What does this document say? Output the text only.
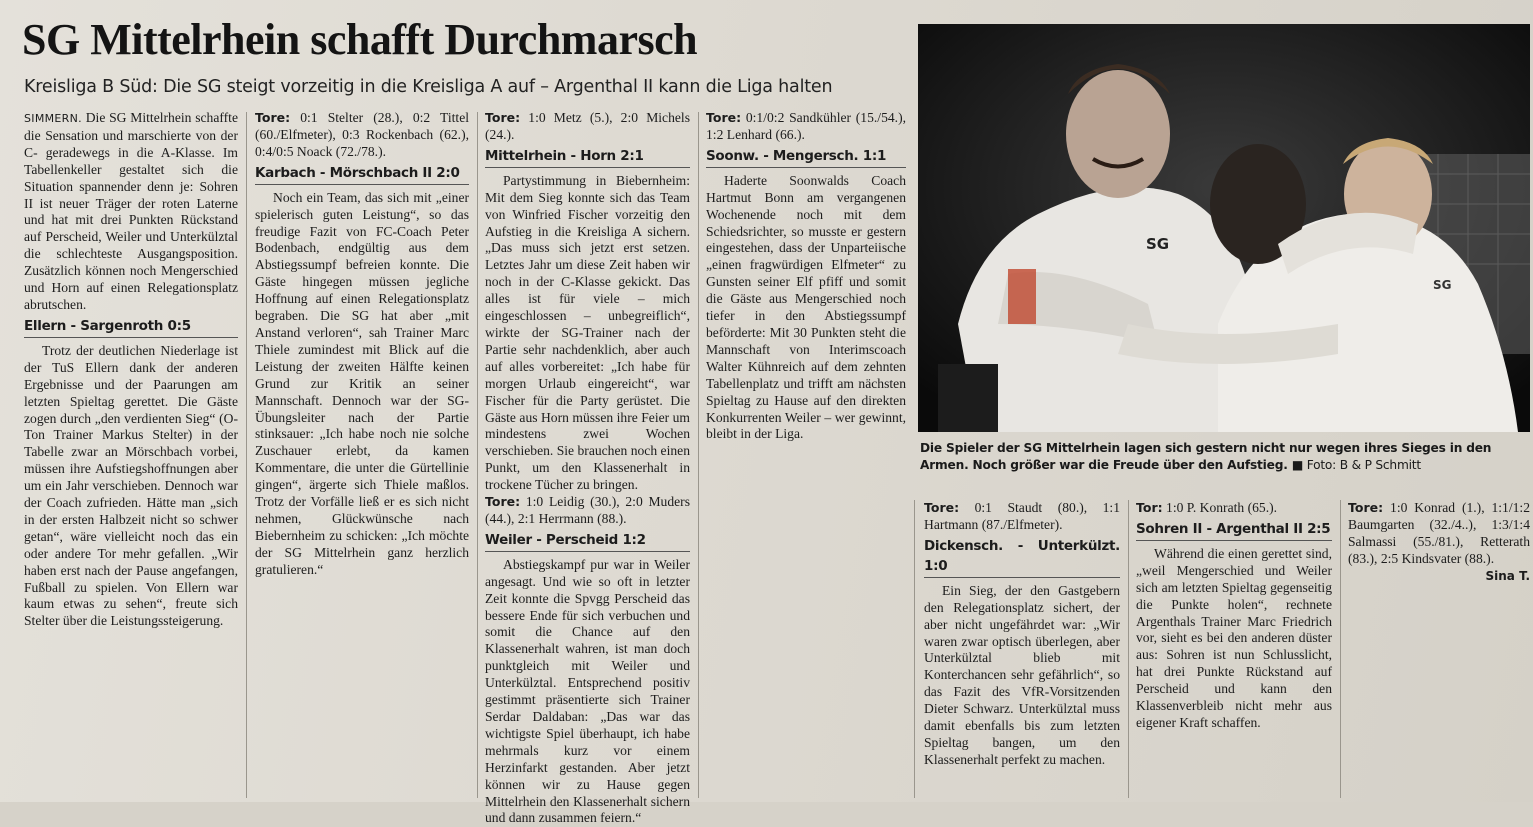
SG Mittelrhein schafft Durchmarsch
Kreisliga B Süd: Die SG steigt vorzeitig in die Kreisliga A auf – Argenthal II kann die Liga halten

SIMMERN. Die SG Mittelrhein schaffte die Sensation und marschierte von der C- geradewegs in die A-Klasse. Im Tabellenkeller gestaltet sich die Situation spannender denn je: Sohren II ist neuer Träger der roten Laterne und hat mit drei Punkten Rückstand auf Perscheid, Weiler und Unterkülztal die schlechteste Ausgangsposition. Zusätzlich können noch Mengerschied und Horn auf einen Relegationsplatz abrutschen.

Ellern - Sargenroth 0:5

Trotz der deutlichen Niederlage ist der TuS Ellern dank der anderen Ergebnisse und der Paarungen am letzten Spieltag gerettet. Die Gäste zogen durch „den verdienten Sieg“ (O-Ton Trainer Markus Stelter) in der Tabelle zwar an Mörschbach vorbei, müssen ihre Aufstiegshoffnungen aber um ein Jahr verschieben. Dennoch war der Coach zufrieden. Hätte man „sich in der ersten Halbzeit nicht so schwer getan“, wäre vielleicht noch das ein oder andere Tor mehr gefallen. „Wir haben erst nach der Pause angefangen, Fußball zu spielen. Von Ellern war kaum etwas zu sehen“, freute sich Stelter über die Leistungssteigerung.

Tore: 0:1 Stelter (28.), 0:2 Tittel (60./Elfmeter), 0:3 Rockenbach (62.), 0:4/0:5 Noack (72./78.).

Karbach - Mörschbach II 2:0

Noch ein Team, das sich mit „einer spielerisch guten Leistung“, so das freudige Fazit von FC-Coach Peter Bodenbach, endgültig aus dem Abstiegssumpf befreien konnte. Die Gäste hingegen müssen jegliche Hoffnung auf einen Relegationsplatz begraben. Die SG hat aber „mit Anstand verloren“, sah Trainer Marc Thiele zumindest mit Blick auf die Leistung der zweiten Hälfte keinen Grund zur Kritik an seiner Mannschaft. Dennoch war der SG-Übungsleiter nach der Partie stinksauer: „Ich habe noch nie solche Zuschauer erlebt, da kamen Kommentare, die unter die Gürtellinie gingen“, ärgerte sich Thiele maßlos. Trotz der Vorfälle ließ er es sich nicht nehmen, Glückwünsche nach Biebernheim zu schicken: „Ich möchte der SG Mittelrhein ganz herzlich gratulieren.“

Tore: 1:0 Metz (5.), 2:0 Michels (24.).

Mittelrhein - Horn 2:1

Partystimmung in Biebernheim: Mit dem Sieg konnte sich das Team von Winfried Fischer vorzeitig den Aufstieg in die Kreisliga A sichern. „Das muss sich jetzt erst setzen. Letztes Jahr um diese Zeit haben wir noch in der C-Klasse gekickt. Das alles ist für viele – mich eingeschlossen – unbegreiflich“, wirkte der SG-Trainer nach der Partie sehr nachdenklich, aber auch auf alles vorbereitet: „Ich habe für morgen Urlaub eingereicht“, war Fischer für die Party gerüstet. Die Gäste aus Horn müssen ihre Feier um mindestens zwei Wochen verschieben. Sie brauchen noch einen Punkt, um den Klassenerhalt in trockene Tücher zu bringen.

Tore: 1:0 Leidig (30.), 2:0 Muders (44.), 2:1 Herrmann (88.).

Weiler - Perscheid 1:2

Abstiegskampf pur war in Weiler angesagt. Und wie so oft in letzter Zeit konnte die Spvgg Perscheid das bessere Ende für sich verbuchen und somit die Chance auf den Klassenerhalt wahren, ist man doch punktgleich mit Weiler und Unterkülztal. Entsprechend positiv gestimmt präsentierte sich Trainer Serdar Daldaban: „Das war das wichtigste Spiel überhaupt, ich habe mehrmals kurz vor einem Herzinfarkt gestanden. Aber jetzt können wir zu Hause gegen Mittelrhein den Klassenerhalt sichern und dann zusammen feiern.“

Tore: 0:1/0:2 Sandkühler (15./54.), 1:2 Lenhard (66.).

Soonw. - Mengersch. 1:1

Haderte Soonwalds Coach Hartmut Bonn am vergangenen Wochenende noch mit dem Schiedsrichter, so musste er gestern eingestehen, dass der Unparteiische „einen fragwürdigen Elfmeter“ zu Gunsten seiner Elf pfiff und somit die Gäste aus Mengerschied noch tiefer in den Abstiegssumpf beförderte: Mit 30 Punkten steht die Mannschaft von Interimscoach Walter Kühnreich auf dem zehnten Tabellenplatz und trifft am nächsten Spieltag zu Hause auf den direkten Konkurrenten Weiler – wer gewinnt, bleibt in der Liga.

SG
SG
Die Spieler der SG Mittelrhein lagen sich gestern nicht nur wegen ihres Sieges in den Armen. Noch größer war die Freude über den Aufstieg. ■ Foto: B & P Schmitt

Tore: 0:1 Staudt (80.), 1:1 Hartmann (87./Elfmeter).

Dickensch. - Unterkülzt. 1:0

Ein Sieg, der den Gastgebern den Relegationsplatz sichert, der aber nicht ungefährdet war: „Wir waren zwar optisch überlegen, aber Unterkülztal blieb mit Konterchancen sehr gefährlich“, so das Fazit des VfR-Vorsitzenden Dieter Schwarz. Unterkülztal muss damit ebenfalls bis zum letzten Spieltag bangen, um den Klassenerhalt perfekt zu machen.

Tor: 1:0 P. Konrath (65.).

Sohren II - Argenthal II 2:5

Während die einen gerettet sind, „weil Mengerschied und Weiler sich am letzten Spieltag gegenseitig die Punkte holen“, rechnete Argenthals Trainer Marc Friedrich vor, sieht es bei den anderen düster aus: Sohren ist nun Schlusslicht, hat drei Punkte Rückstand auf Perscheid und kann den Klassenverbleib nicht mehr aus eigener Kraft schaffen.

Tore: 1:0 Konrad (1.), 1:1/1:2 Baumgarten (32./4..), 1:3/1:4 Salmassi (55./81.), Retterath (83.), 2:5 Kindsvater (88.).

Sina T.
